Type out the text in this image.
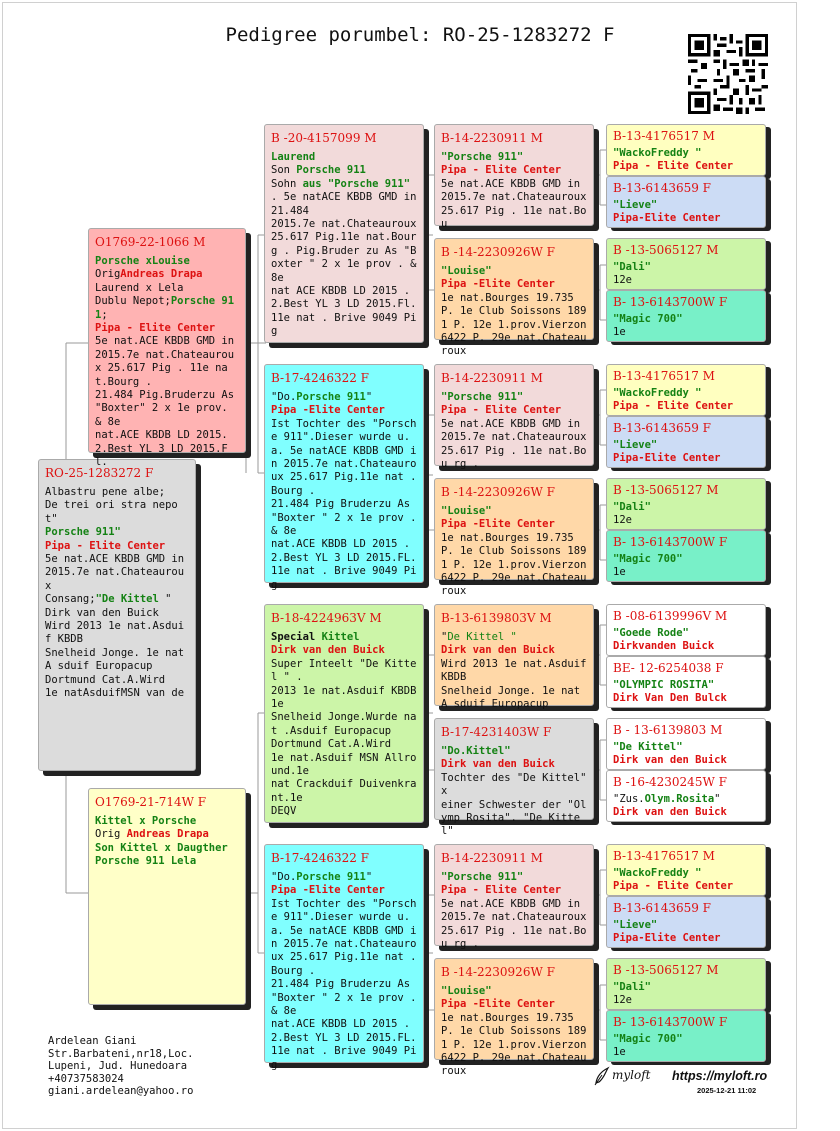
Pedigree porumbel: RO-25-1283272 F
RO-25-1283272 F
Albastru pene albe;
De trei ori stra nepot"
Porsche 911"
Pipa - Elite Center
5e nat.ACE KBDB GMD in 2015.7e nat.Chateauroux
Consang;"De Kittel "
Dirk van den Buick
Wird 2013 1e nat.Asduif KBDB
Snelheid Jonge. 1e nat A sduif Europacup
Dortmund Cat.A.Wird
1e natAsduifMSN van de
O1769-22-1066 M
Porsche xLouise
OrigAndreas Drapa
Laurend x Lela
Dublu Nepot;Porsche 911;
Pipa - Elite Center
5e nat.ACE KBDB GMD in 2015.7e nat.Chateauroux 25.617 Pig . 11e nat.Bourg .
21.484 Pig.Bruderzu As "Boxter" 2 x 1e prov. & 8e
nat.ACE KBDB LD 2015.
2.Best YL 3 LD 2015.Fl.
O1769-21-714W F
Kittel x Porsche
Orig Andreas Drapa
Son Kittel x Daugther
Porsche 911 Lela
B -20-4157099 M
Laurend
Son Porsche 911
Sohn aus "Porsche 911" . 5e natACE KBDB GMD in 21.484
2015.7e nat.Chateauroux 25.617 Pig.11e nat.Bourg . Pig.Bruder zu As "Boxter " 2 x 1e prov . & 8e
nat ACE KBDB LD 2015 .
2.Best YL 3 LD 2015.Fl. 11e nat . Brive 9049 Pig
B-17-4246322 F
"Do.Porsche 911"
Pipa -Elite Center
Ist Tochter des "Porsche 911".Dieser wurde u.a. 5e natACE KBDB GMD in 2015.7e nat.Chateauroux 25.617 Pig.11e nat . Bourg .
21.484 Pig Bruderzu As "Boxter " 2 x 1e prov . & 8e
nat.ACE KBDB LD 2015 .
2.Best YL 3 LD 2015.FL. 11e nat . Brive 9049 Pig
B-18-4224963V M
Special Kittel
Dirk van den Buick
Super Inteelt "De Kittel " .
2013 1e nat.Asduif KBDB 1e
Snelheid Jonge.Wurde nat .Asduif Europacup
Dortmund Cat.A.Wird
1e nat.Asduif MSN Allround.1e
nat Crackduif Duivenkrant.1e
DEQV
B-17-4246322 F
"Do.Porsche 911"
Pipa -Elite Center
Ist Tochter des "Porsche 911".Dieser wurde u.a. 5e natACE KBDB GMD in 2015.7e nat.Chateauroux 25.617 Pig.11e nat . Bourg .
21.484 Pig Bruderzu As "Boxter " 2 x 1e prov . & 8e
nat.ACE KBDB LD 2015 .
2.Best YL 3 LD 2015.FL. 11e nat . Brive 9049 Pig
B-14-2230911 M
"Porsche 911"
Pipa - Elite Center
5e nat.ACE KBDB GMD in 2015.7e nat.Chateauroux 25.617 Pig . 11e nat.Bou
B -14-2230926W F
"Louise"
Pipa -Elite Center
1e nat.Bourges 19.735 P. 1e Club Soissons 1891 P. 12e 1.prov.Vierzon 6422 P. 29e nat.Chateauroux
B-14-2230911 M
"Porsche 911"
Pipa - Elite Center
5e nat.ACE KBDB GMD in 2015.7e nat.Chateauroux 25.617 Pig . 11e nat.Bou rg .
B -14-2230926W F
"Louise"
Pipa -Elite Center
1e nat.Bourges 19.735 P. 1e Club Soissons 1891 P. 12e 1.prov.Vierzon 6422 P. 29e nat.Chateauroux
B-13-6139803V M
"De Kittel "
Dirk van den Buick
Wird 2013 1e nat.Asduif KBDB
Snelheid Jonge. 1e nat A sduif Europacup
B-17-4231403W F
"Do.Kittel"
Dirk van den Buick
Tochter des "De Kittel" x
einer Schwester der "Olymp Rosita". "De Kittel"
B-14-2230911 M
"Porsche 911"
Pipa - Elite Center
5e nat.ACE KBDB GMD in 2015.7e nat.Chateauroux 25.617 Pig . 11e nat.Bou rg .
B -14-2230926W F
"Louise"
Pipa -Elite Center
1e nat.Bourges 19.735 P. 1e Club Soissons 1891 P. 12e 1.prov.Vierzon 6422 P. 29e nat.Chateauroux
B-13-4176517 M
"WackoFreddy "
Pipa - Elite Center
B-13-6143659 F
"Lieve"
Pipa-Elite Center
B -13-5065127 M
"Dali"
12e
B- 13-6143700W F
"Magic 700"
1e
B-13-4176517 M
"WackoFreddy "
Pipa - Elite Center
B-13-6143659 F
"Lieve"
Pipa-Elite Center
B -13-5065127 M
"Dali"
12e
B- 13-6143700W F
"Magic 700"
1e
B -08-6139996V M
"Goede Rode"
Dirkvanden Buick
BE- 12-6254038 F
"OLYMPIC ROSITA"
Dirk Van Den Bulck
B - 13-6139803 M
"De Kittel"
Dirk van den Buick
B -16-4230245W F
"Zus.Olym.Rosita"
Dirk van den Buick
B-13-4176517 M
"WackoFreddy "
Pipa - Elite Center
B-13-6143659 F
"Lieve"
Pipa-Elite Center
B -13-5065127 M
"Dali"
12e
B- 13-6143700W F
"Magic 700"
1e
Ardelean Giani
Str.Barbateni,nr18,Loc.
Lupeni, Jud. Hunedoara
+40737583024
giani.ardelean@yahoo.ro
myloft https://myloft.ro
2025-12-21 11:02
